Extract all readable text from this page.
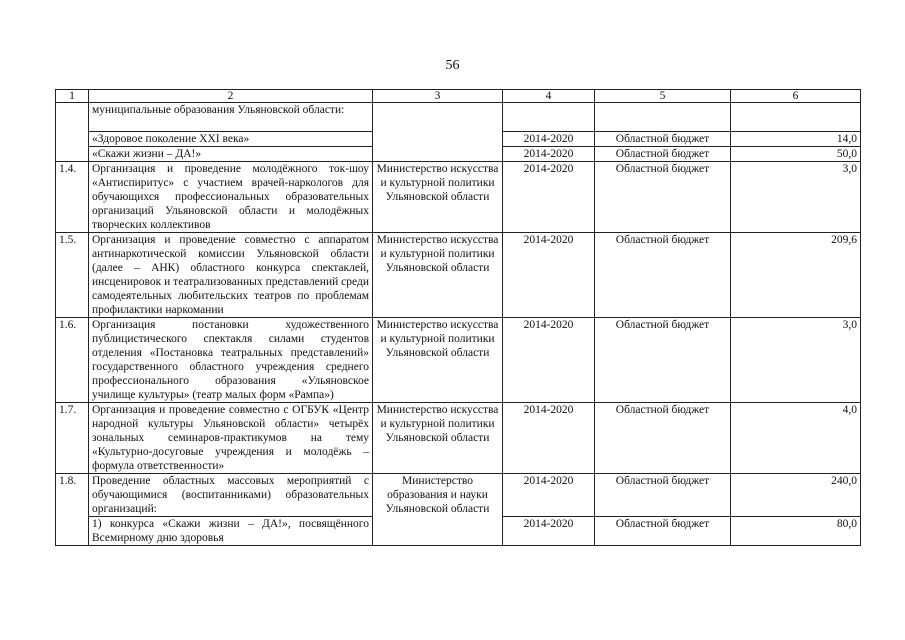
56
1	2	3	4	5	6
	муниципальные образования Ульяновской области:				
	«Здоровое поколение XXI века»		2014-2020	Областной бюджет	14,0
	«Скажи жизни – ДА!»		2014-2020	Областной бюджет	50,0
1.4.	Организация и проведение молодёжного ток-шоу «Антиспиритус» с участием врачей-наркологов для обучающихся профессиональных образовательных организаций Ульяновской области и молодёжных творческих коллективов	Министерство искусства и культурной политики Ульяновской области	2014-2020	Областной бюджет	3,0
1.5.	Организация и проведение совместно с аппаратом антинаркотической комиссии Ульяновской области (далее – АНК) областного конкурса спектаклей, инсценировок и театрализованных представлений среди самодеятельных любительских театров по проблемам профилактики наркомании	Министерство искусства и культурной политики Ульяновской области	2014-2020	Областной бюджет	209,6
1.6.	Организация постановки художественного публицистического спектакля силами студентов отделения «Постановка театральных представлений» государственного областного учреждения среднего профессионального образования «Ульяновское училище культуры» (театр малых форм «Рампа»)	Министерство искусства и культурной политики Ульяновской области	2014-2020	Областной бюджет	3,0
1.7.	Организация и проведение совместно с ОГБУК «Центр народной культуры Ульяновской области» четырёх зональных семинаров-практикумов на тему «Культурно-досуговые учреждения и молодёжь – формула ответственности»	Министерство искусства и культурной политики Ульяновской области	2014-2020	Областной бюджет	4,0
1.8.	Проведение областных массовых мероприятий с обучающимися (воспитанниками) образовательных организаций:	Министерство образования и науки Ульяновской области	2014-2020	Областной бюджет	240,0
	1) конкурса «Скажи жизни – ДА!», посвящённого Всемирному дню здоровья		2014-2020	Областной бюджет	80,0
